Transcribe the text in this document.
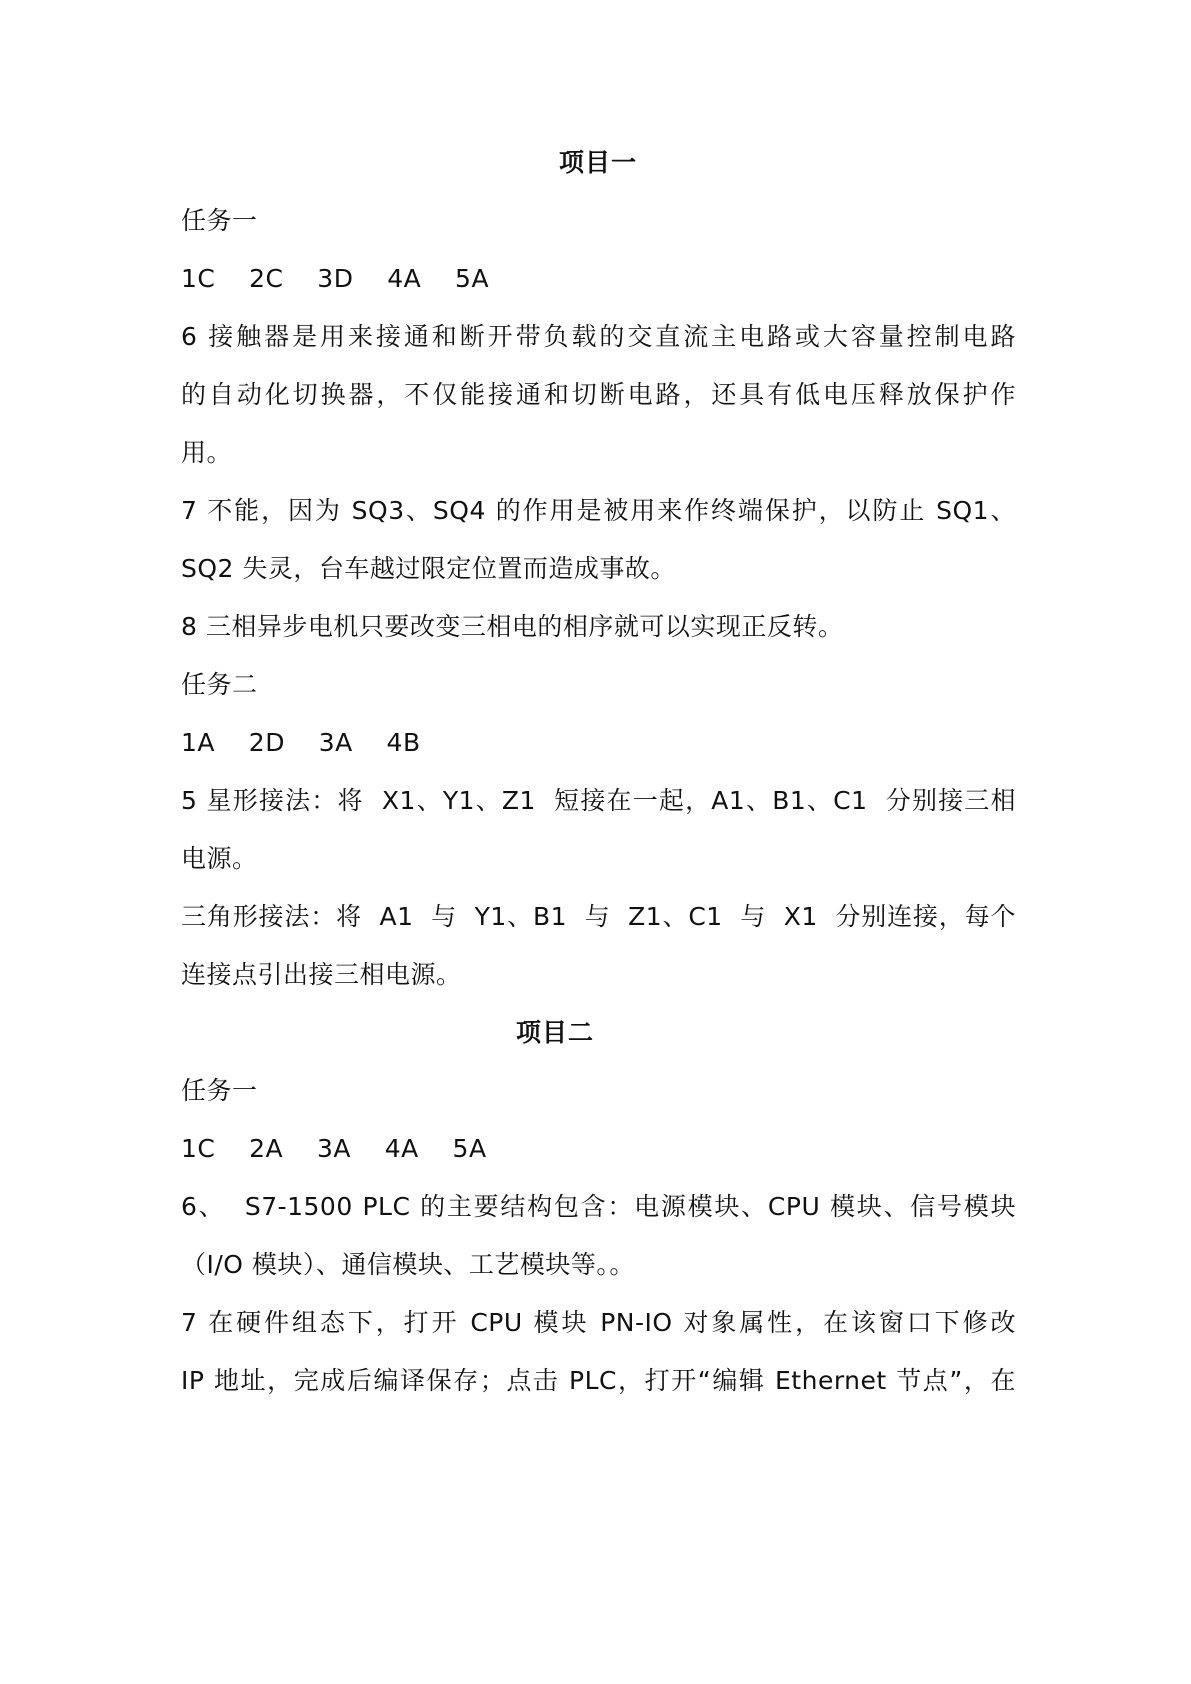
项目一
任务一
1C    2C    3D    4A    5A
6 接触器是用来接通和断开带负载的交直流主电路或大容量控制电路
的自动化切换器，不仅能接通和切断电路，还具有低电压释放保护作
用。
7 不能，因为 SQ3、SQ4 的作用是被用来作终端保护，以防止 SQ1、
SQ2 失灵，台车越过限定位置而造成事故。
8 三相异步电机只要改变三相电的相序就可以实现正反转。
任务二
1A    2D    3A    4B
5 星形接法：将  X1、Y1、Z1  短接在一起，A1、B1、C1  分别接三相
电源。
三角形接法：将  A1  与  Y1、B1  与  Z1、C1  与  X1  分别连接，每个
连接点引出接三相电源。
项目二
任务一
1C    2A    3A    4A    5A
6、  S7-1500 PLC 的主要结构包含：电源模块、CPU 模块、信号模块
（I/O 模块）、通信模块、工艺模块等。。
7 在硬件组态下，打开 CPU 模块 PN-IO 对象属性，在该窗口下修改
IP 地址，完成后编译保存；点击 PLC，打开“编辑 Ethernet 节点”，在
